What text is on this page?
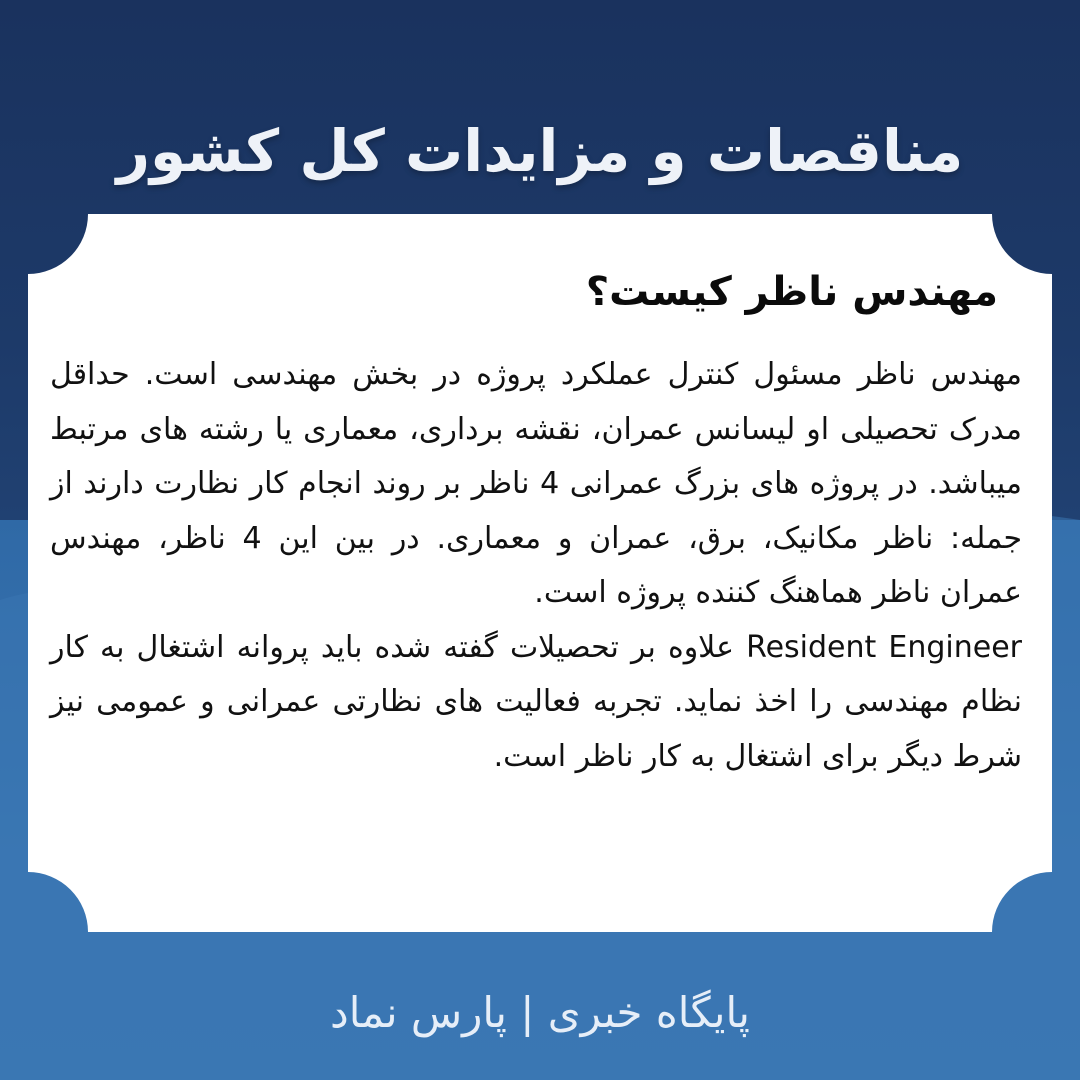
مناقصات و مزایدات کل کشور
مهندس ناظر کیست؟

مهندس ناظر مسئول کنترل عملکرد پروژه در بخش مهندسی است. حداقل مدرک تحصیلی او لیسانس عمران، نقشه برداری، معماری یا رشته های مرتبط میباشد. در پروژه های بزرگ عمرانی 4 ناظر بر روند انجام کار نظارت دارند از جمله: ناظر مکانیک، برق، عمران و معماری. در بین این 4 ناظر، مهندس عمران ناظر هماهنگ کننده پروژه است.

Resident Engineer علاوه بر تحصیلات گفته شده باید پروانه اشتغال به کار نظام مهندسی را اخذ نماید. تجربه فعالیت های نظارتی عمرانی و عمومی نیز شرط دیگر برای اشتغال به کار ناظر است.

پایگاه خبری | پارس نماد
